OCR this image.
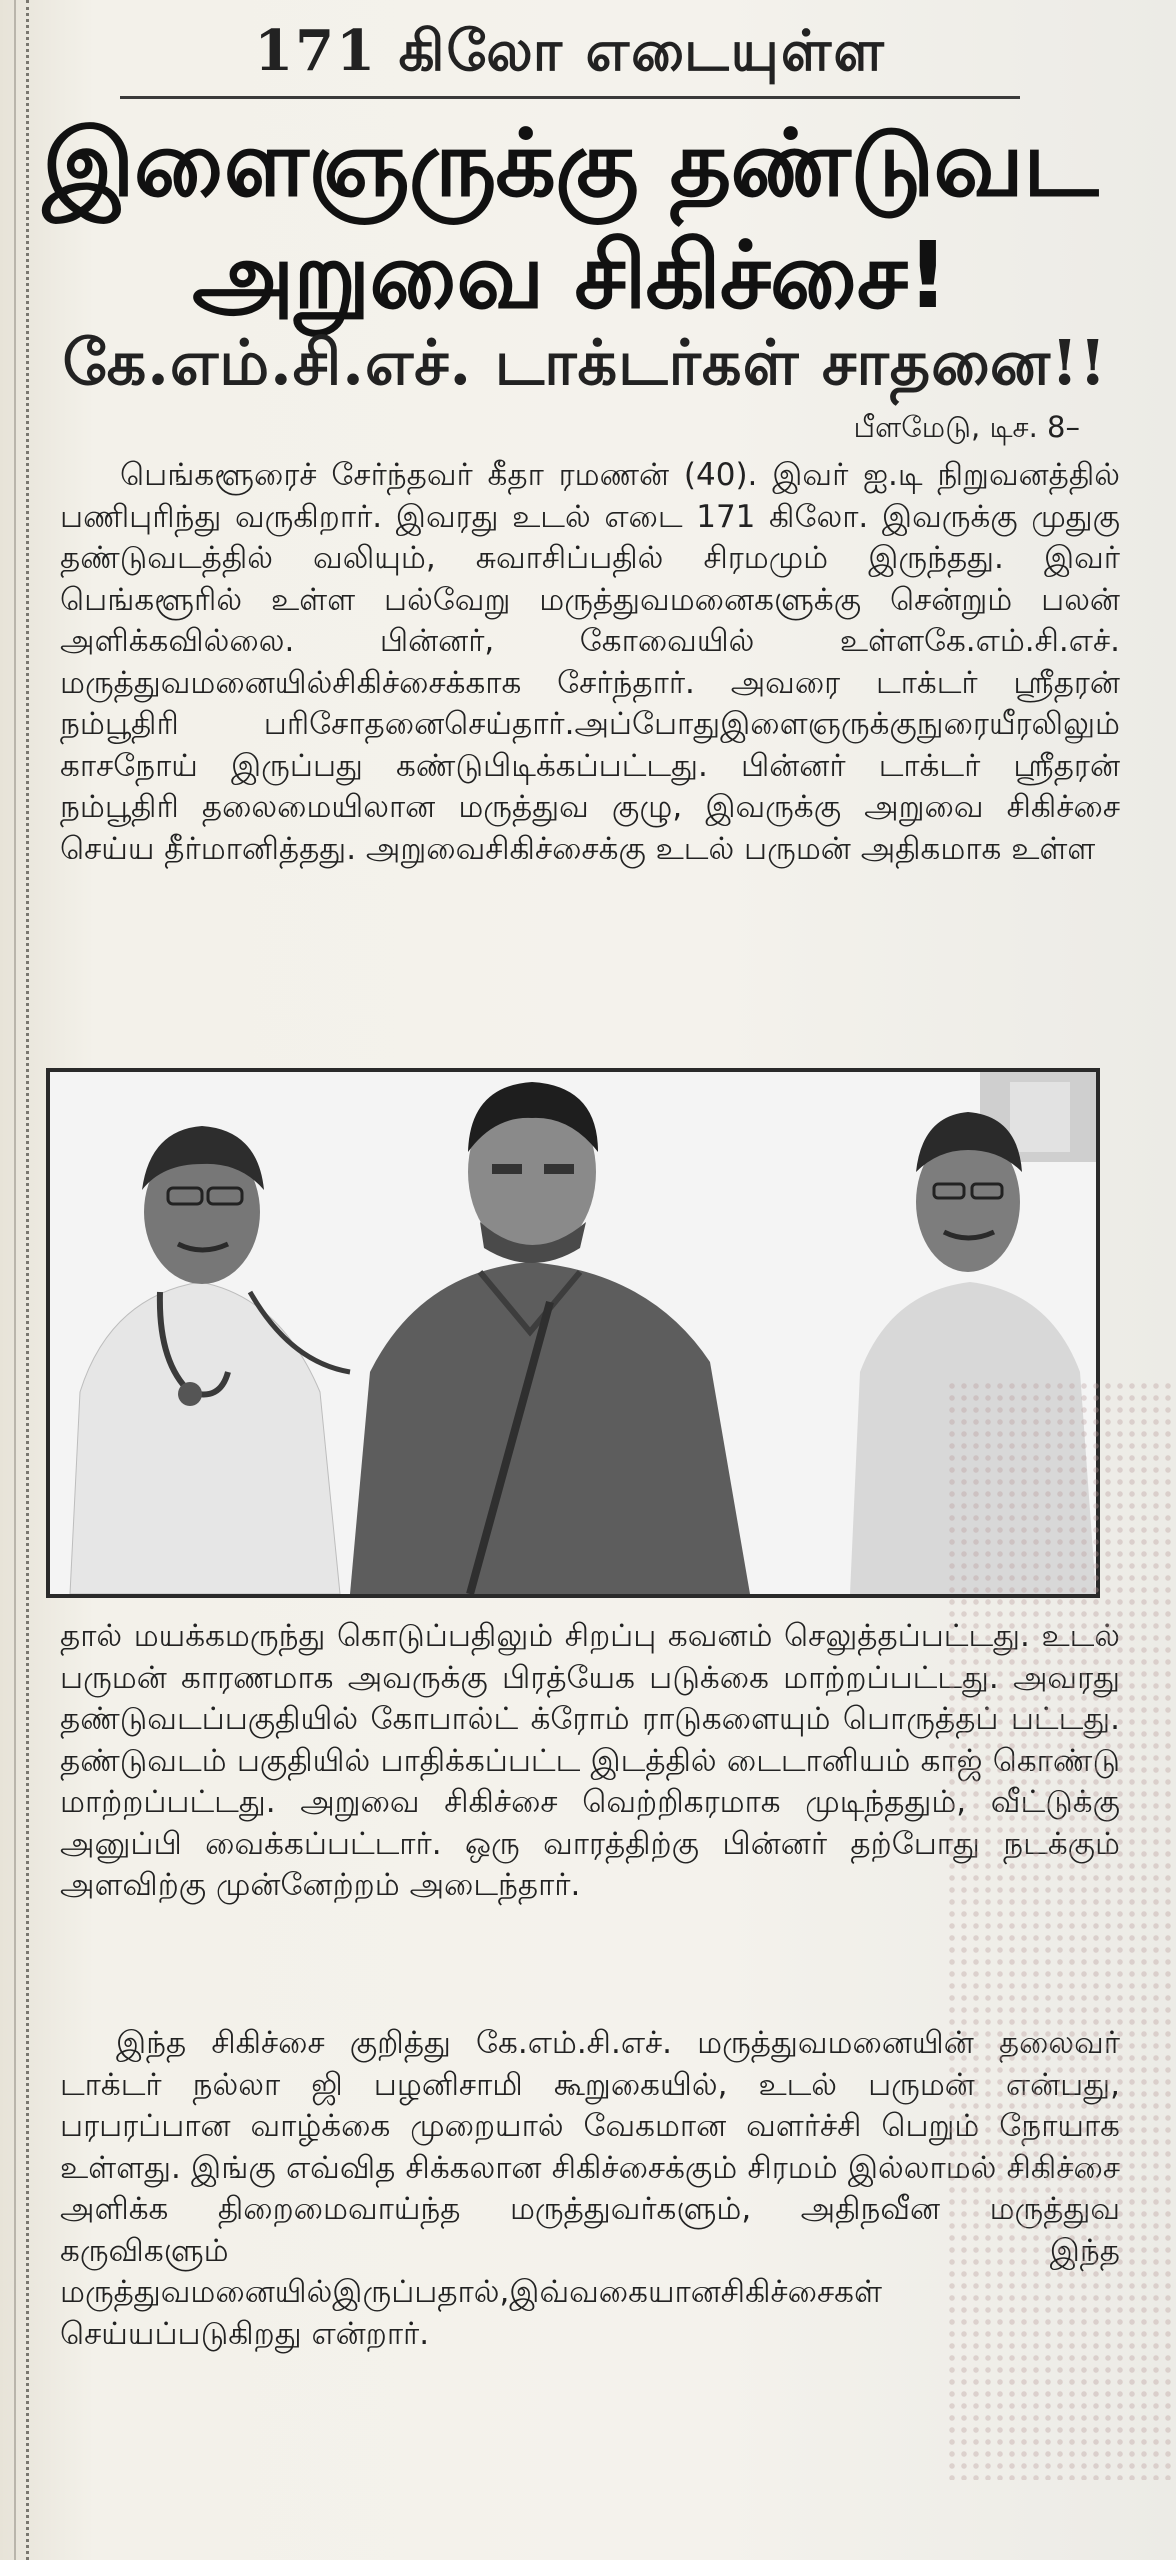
171 கிலோ எடையுள்ள
இளைஞருக்கு தண்டுவட
அறுவை சிகிச்சை!
கே.எம்.சி.எச். டாக்டர்கள் சாதனை!!
பீளமேடு, டிச. 8–
பெங்களூரைச் சேர்ந்தவர் கீதா ரமணன் (40). இவர் ஐ.டி நிறுவனத்தில் பணிபுரிந்து வருகிறார். இவரது உடல் எடை 171 கிலோ. இவருக்கு முதுகு தண்டுவடத்தில் வலியும், சுவாசிப்பதில் சிரமமும் இருந்தது. இவர் பெங்களூரில் உள்ள பல்வேறு மருத்துவமனைகளுக்கு சென்றும் பலன் அளிக்கவில்லை. பின்னர், கோவையில் உள்ளகே.எம்.சி.எச். மருத்துவமனையில்சிகிச்சைக்காக சேர்ந்தார். அவரை டாக்டர் ஸ்ரீதரன் நம்பூதிரி பரிசோதனைசெய்தார்.அப்போதுஇளைஞருக்குநுரையீரலிலும் காசநோய் இருப்பது கண்டுபிடிக்கப்பட்டது. பின்னர் டாக்டர் ஸ்ரீதரன் நம்பூதிரி தலைமையிலான மருத்துவ குழு, இவருக்கு அறுவை சிகிச்சை செய்ய தீர்மானித்தது. அறுவைசிகிச்சைக்கு உடல் பருமன் அதிகமாக உள்ள
தால் மயக்கமருந்து கொடுப்பதிலும் சிறப்பு கவனம் செலுத்தப்பட்டது. உடல் பருமன் காரணமாக அவருக்கு பிரத்யேக படுக்கை மாற்றப்பட்டது. அவரது தண்டுவடப்பகுதியில் கோபால்ட் க்ரோம் ராடுகளையும் பொருத்தப் பட்டது. தண்டுவடம் பகுதியில் பாதிக்கப்பட்ட இடத்தில் டைடானியம் காஜ் கொண்டு மாற்றப்பட்டது. அறுவை சிகிச்சை வெற்றிகரமாக முடிந்ததும், வீட்டுக்கு அனுப்பி வைக்கப்பட்டார். ஒரு வாரத்திற்கு பின்னர் தற்போது நடக்கும் அளவிற்கு முன்னேற்றம் அடைந்தார்.
இந்த சிகிச்சை குறித்து கே.எம்.சி.எச். மருத்துவமனையின் தலைவர் டாக்டர் நல்லா ஜி பழனிசாமி கூறுகையில், உடல் பருமன் என்பது, பரபரப்பான வாழ்க்கை முறையால் வேகமான வளர்ச்சி பெறும் நோயாக உள்ளது. இங்கு எவ்வித சிக்கலான சிகிச்சைக்கும் சிரமம் இல்லாமல் சிகிச்சை அளிக்க திறைமைவாய்ந்த மருத்துவர்களும், அதிநவீன மருத்துவ கருவிகளும் இந்த மருத்துவமனையில்இருப்பதால்,இவ்வகையானசிகிச்சைகள் செய்யப்படுகிறது என்றார்.
